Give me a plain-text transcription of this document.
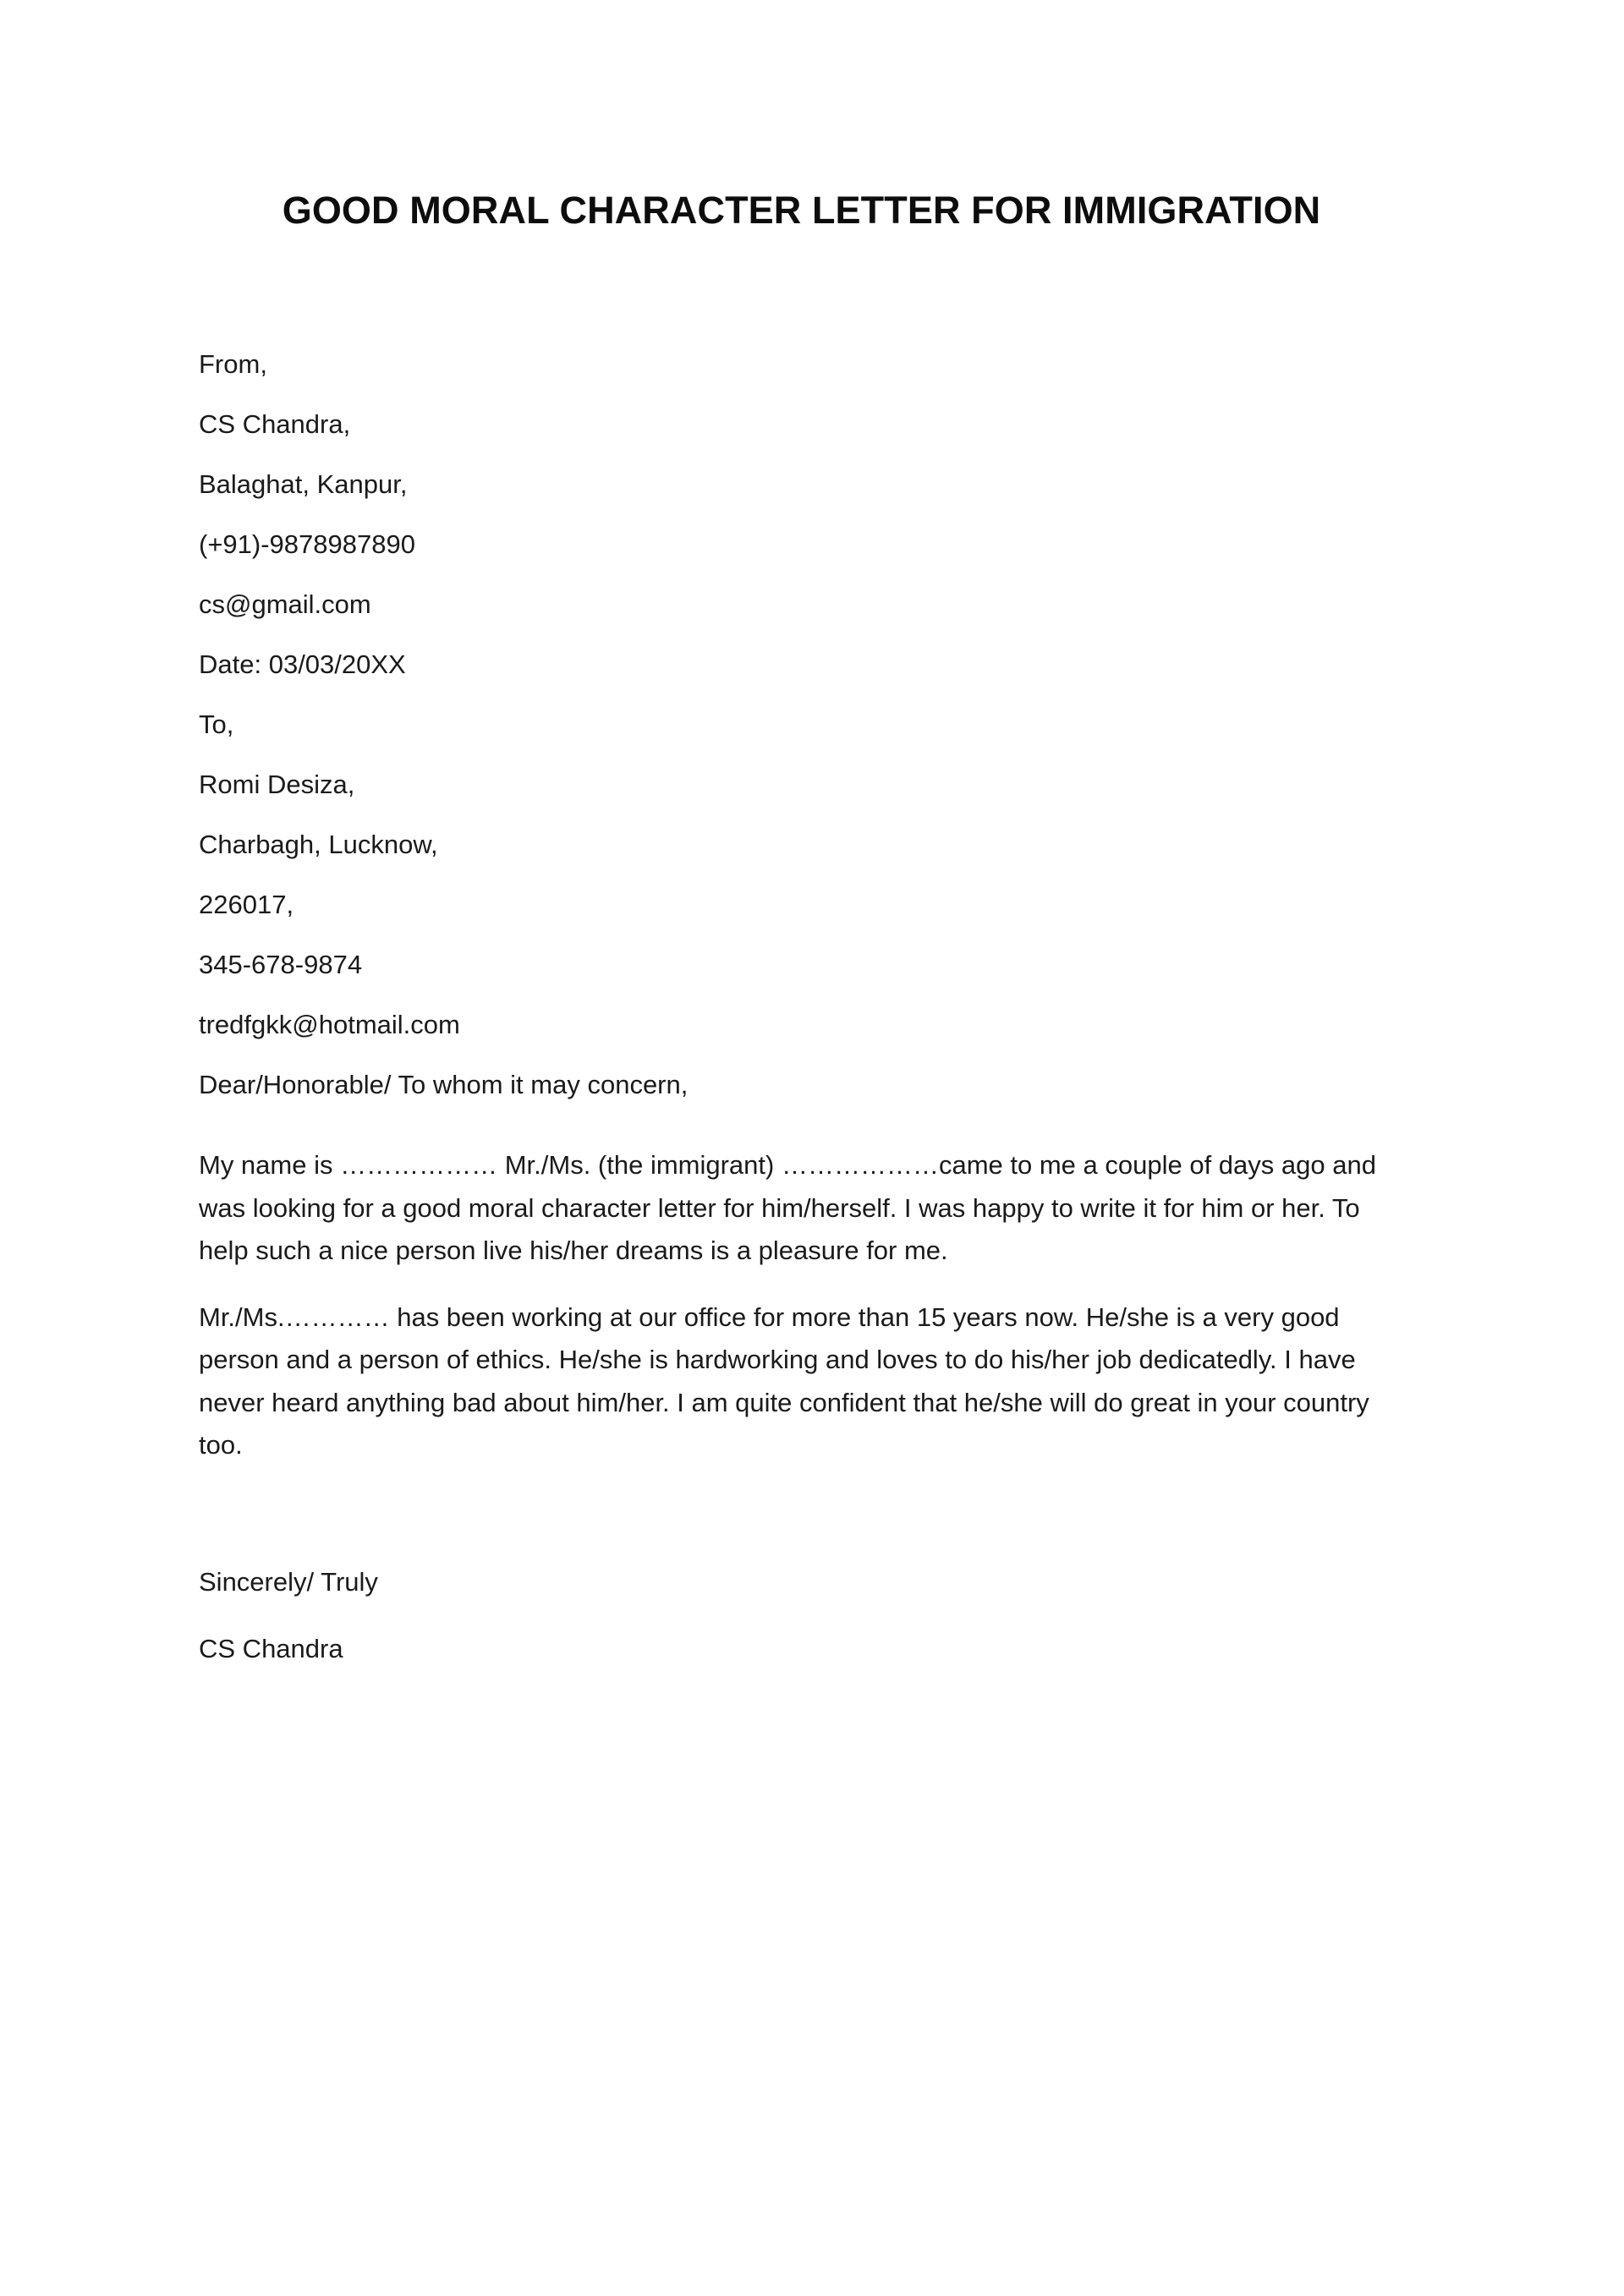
GOOD MORAL CHARACTER LETTER FOR IMMIGRATION

From,

CS Chandra,

Balaghat, Kanpur,

(+91)-9878987890

cs@gmail.com

Date: 03/03/20XX

To,

Romi Desiza,

Charbagh, Lucknow,

226017,

345-678-9874

tredfgkk@hotmail.com

Dear/Honorable/ To whom it may concern,

My name is ……………… Mr./Ms. (the immigrant) ………………came to me a couple of days ago and was looking for a good moral character letter for him/herself. I was happy to write it for him or her. To help such a nice person live his/her dreams is a pleasure for me.

Mr./Ms.………… has been working at our office for more than 15 years now. He/she is a very good person and a person of ethics. He/she is hardworking and loves to do his/her job dedicatedly. I have never heard anything bad about him/her. I am quite confident that he/she will do great in your country too.

Sincerely/ Truly

CS Chandra
